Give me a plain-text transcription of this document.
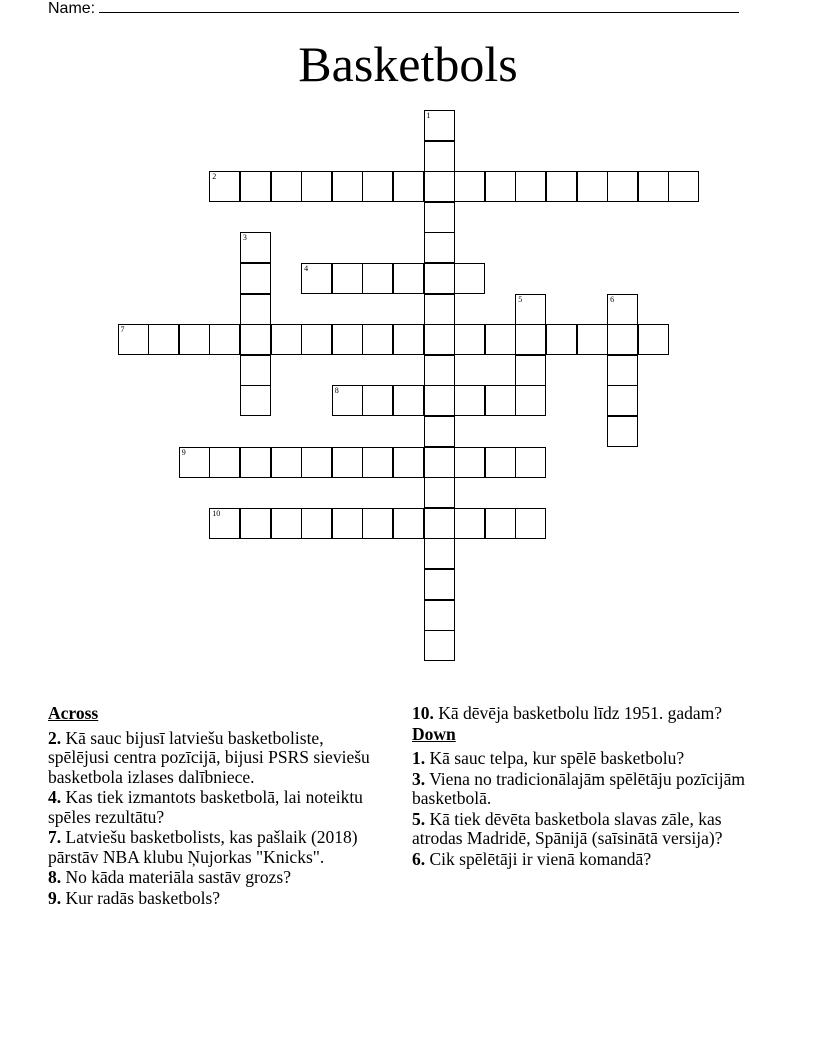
Name:
Basketbols
1
2
3
4
5	6
7
8
9
10
Across
2. Kā sauc bijusī latviešu basketboliste, spēlējusi centra pozīcijā, bijusi PSRS sieviešu basketbola izlases dalībniece.
4. Kas tiek izmantots basketbolā, lai noteiktu spēles rezultātu?
7. Latviešu basketbolists, kas pašlaik (2018) pārstāv NBA klubu Ņujorkas "Knicks".
8. No kāda materiāla sastāv grozs?
9. Kur radās basketbols?
10. Kā dēvēja basketbolu līdz 1951. gadam?
Down
1. Kā sauc telpa, kur spēlē basketbolu?
3. Viena no tradicionālajām spēlētāju pozīcijām basketbolā.
5. Kā tiek dēvēta basketbola slavas zāle, kas atrodas Madridē, Spānijā (saīsinātā versija)?
6. Cik spēlētāji ir vienā komandā?
